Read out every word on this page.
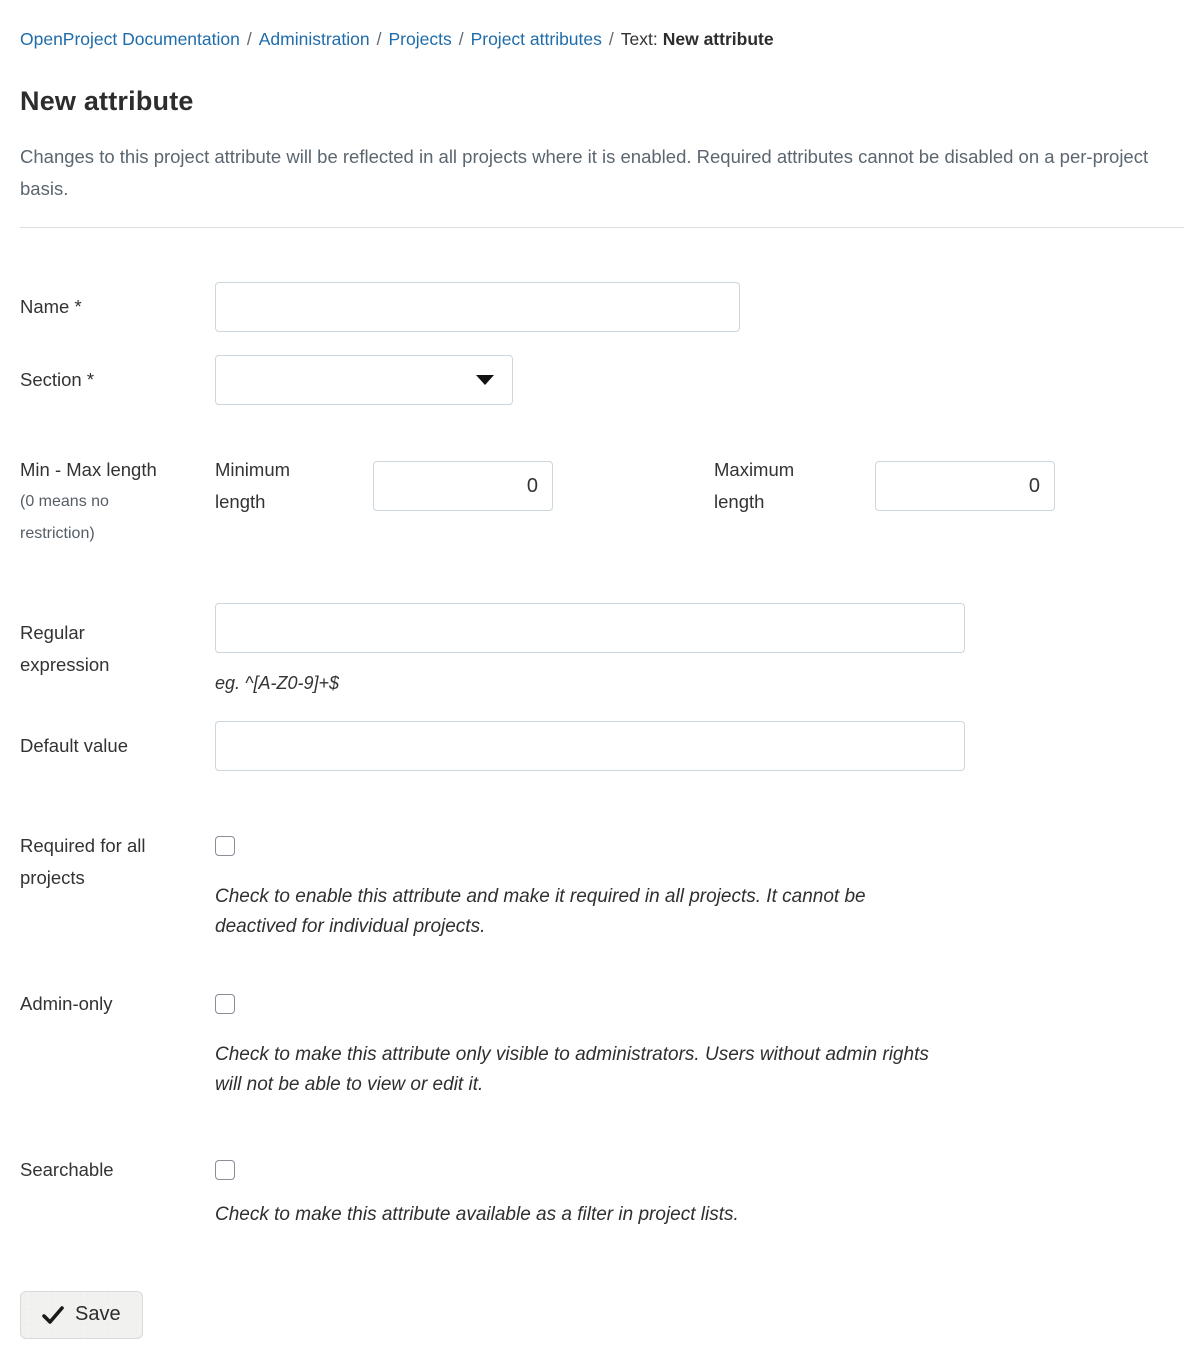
OpenProject Documentation / Administration / Projects / Project attributes / Text: New attribute
New attribute

Changes to this project attribute will be reflected in all projects where it is enabled. Required attributes cannot be disabled on a per-project basis.

Name *
Section *
Min - Max length
(0 means no restriction)
Minimum length
0
Maximum length
0
Regular expression
eg. ^[A-Z0-9]+$
Default value
Required for all projects
Check to enable this attribute and make it required in all projects. It cannot be deactived for individual projects.
Admin-only
Check to make this attribute only visible to administrators. Users without admin rights will not be able to view or edit it.
Searchable
Check to make this attribute available as a filter in project lists.
Save
